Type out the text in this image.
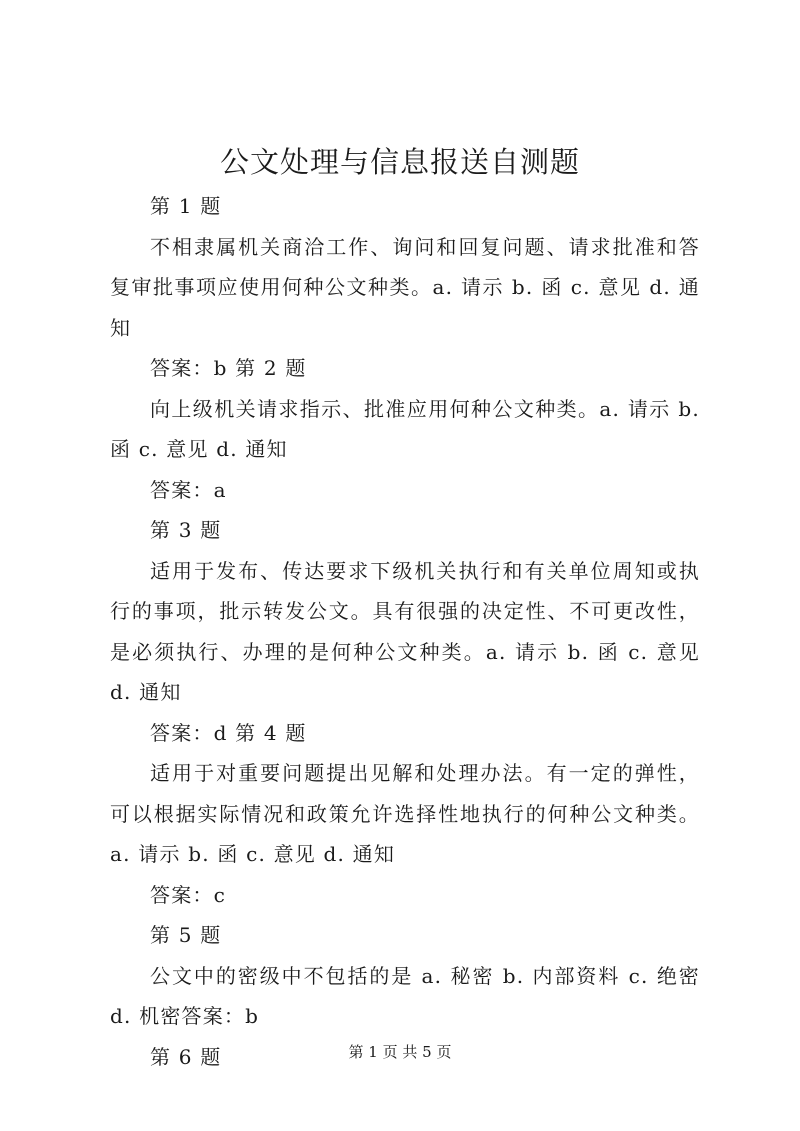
公文处理与信息报送自测题

第 1 题

不相隶属机关商洽工作、询问和回复问题、请求批准和答复审批事项应使用何种公文种类。a. 请示 b. 函 c. 意见 d. 通知

答案：b 第 2 题

向上级机关请求指示、批准应用何种公文种类。a. 请示 b. 函 c. 意见 d. 通知

答案：a

第 3 题

适用于发布、传达要求下级机关执行和有关单位周知或执行的事项，批示转发公文。具有很强的决定性、不可更改性，是必须执行、办理的是何种公文种类。a. 请示 b. 函 c. 意见 d. 通知

答案：d 第 4 题

适用于对重要问题提出见解和处理办法。有一定的弹性，可以根据实际情况和政策允许选择性地执行的何种公文种类。a. 请示 b. 函 c. 意见 d. 通知

答案：c

第 5 题

公文中的密级中不包括的是 a. 秘密 b. 内部资料 c. 绝密 d. 机密答案：b

第 6 题	第 1 页 共 5 页
